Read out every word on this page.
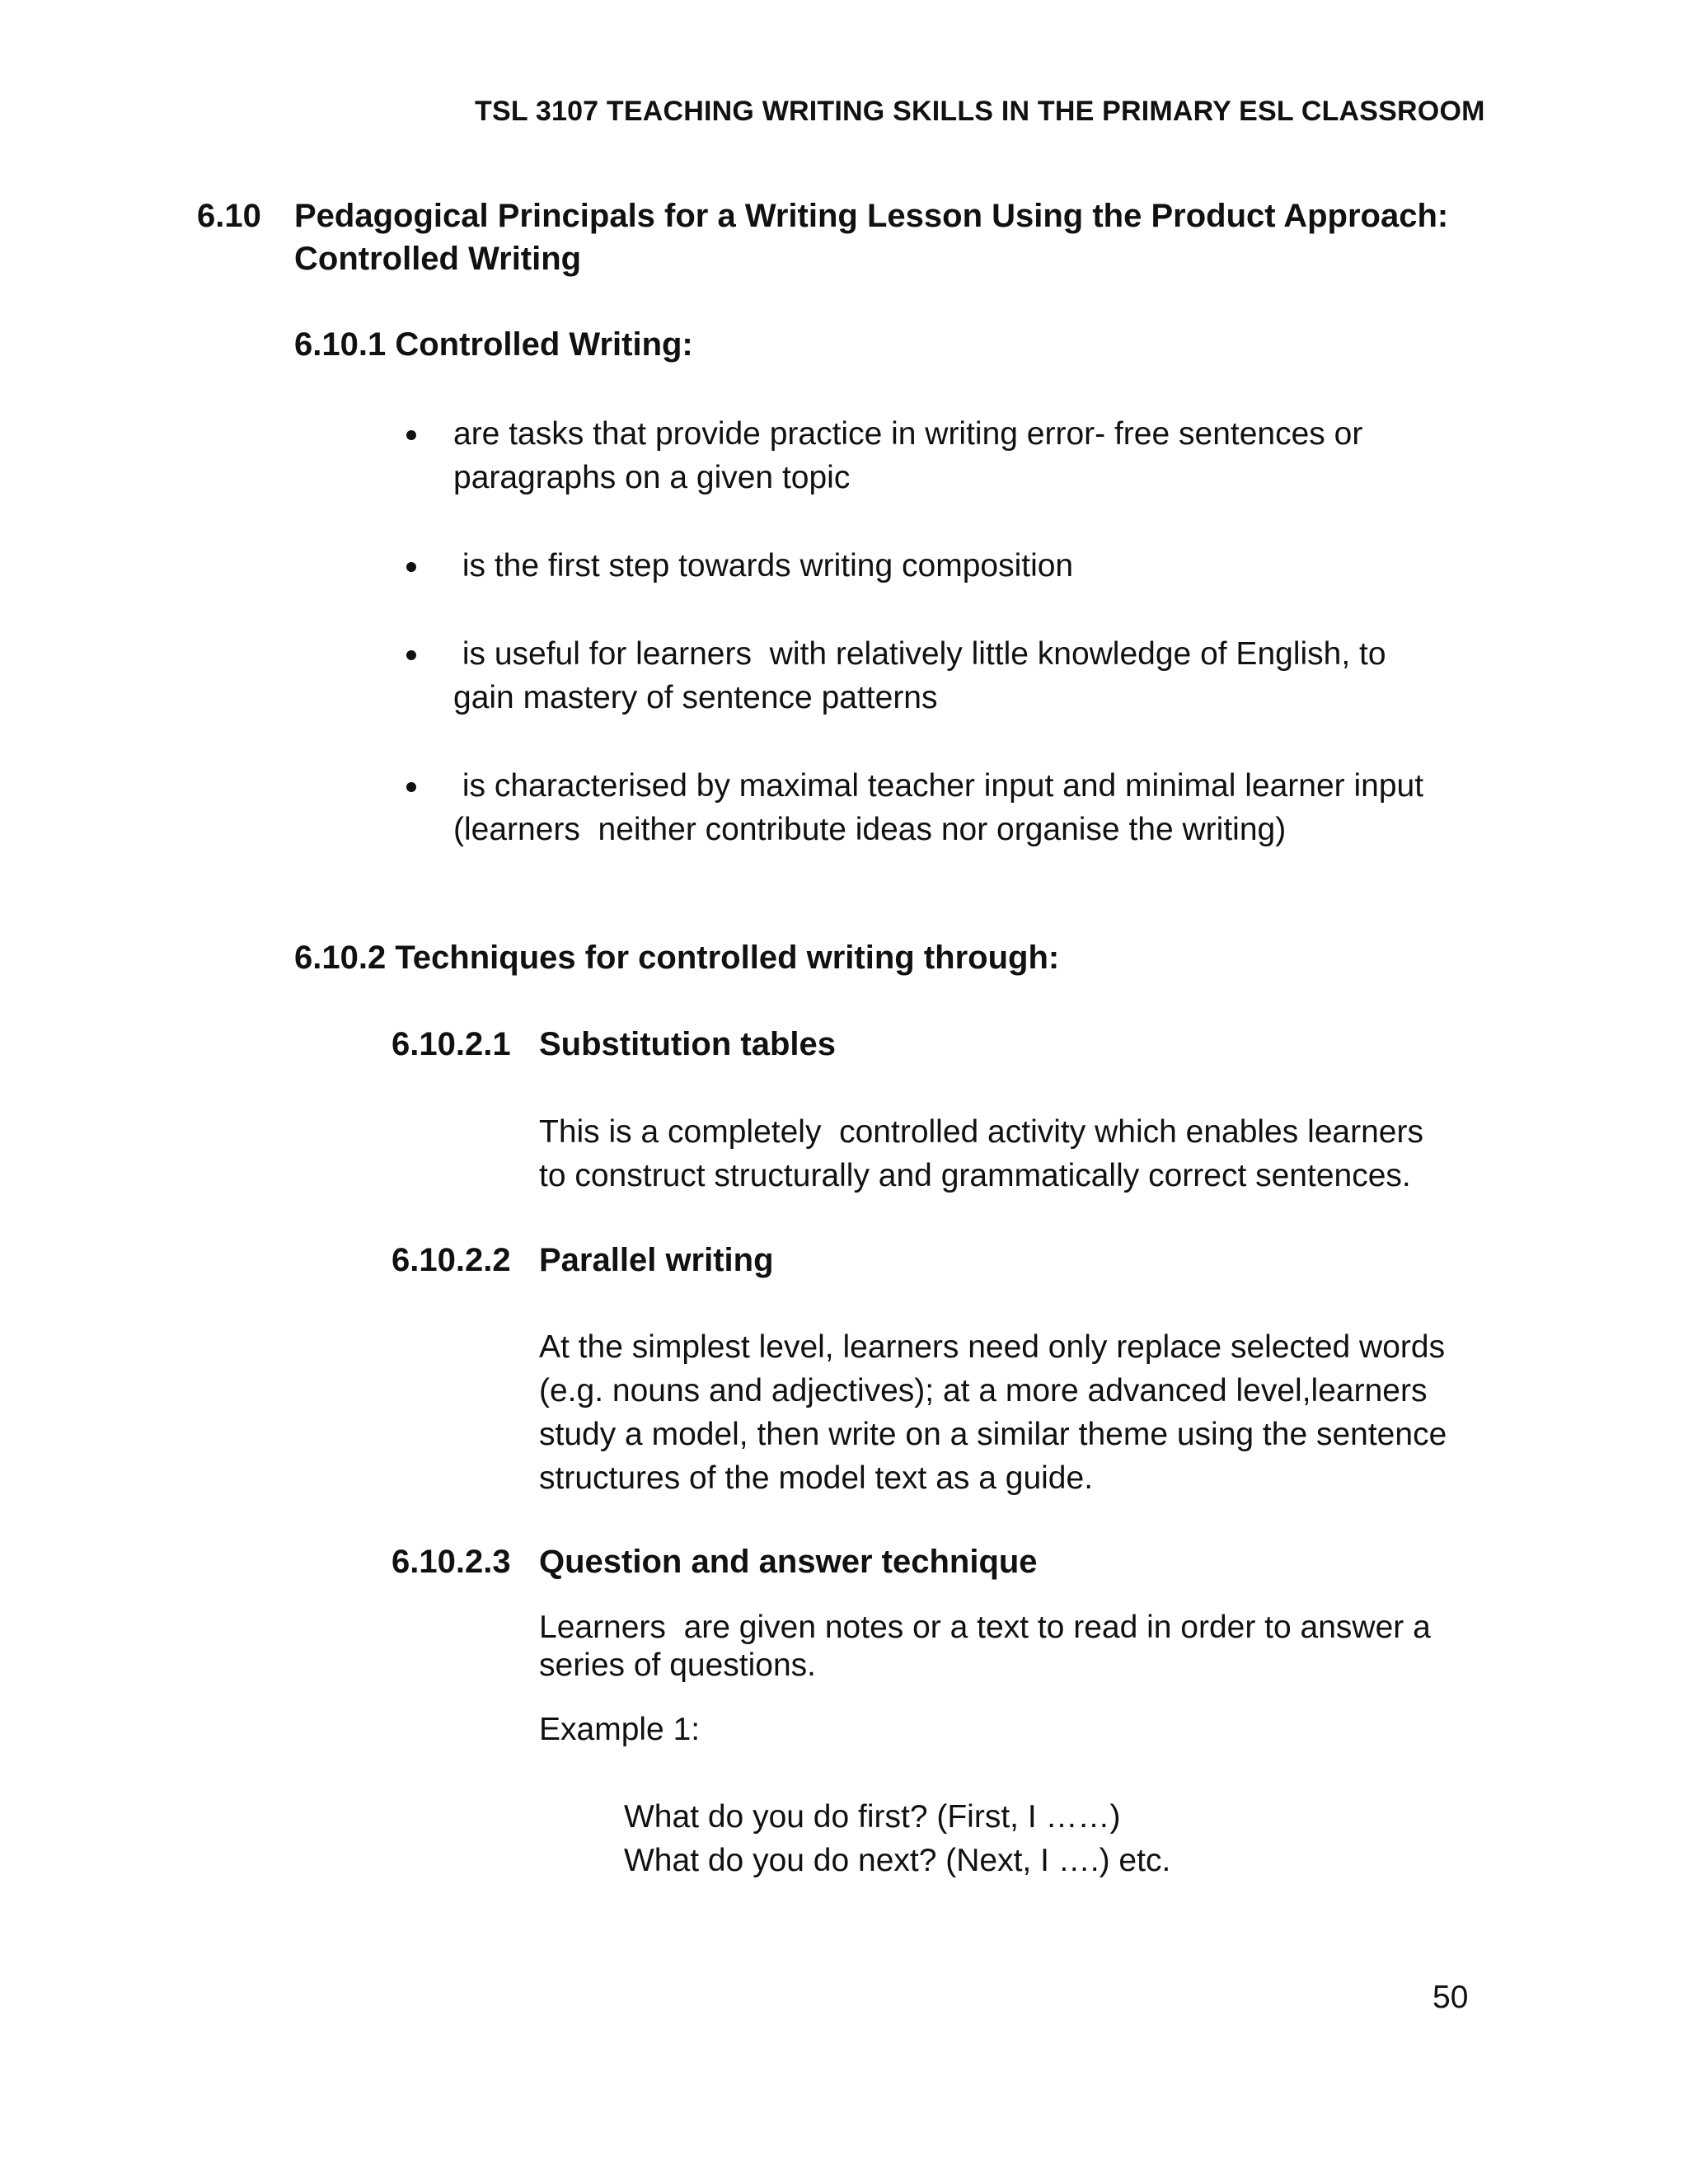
TSL 3107 TEACHING WRITING SKILLS IN THE PRIMARY ESL CLASSROOM
6.10 Pedagogical Principals for a Writing Lesson Using the Product Approach:
Controlled Writing
6.10.1 Controlled Writing:
are tasks that provide practice in writing error- free sentences or
paragraphs on a given topic
is the first step towards writing composition
is useful for learners  with relatively little knowledge of English, to
gain mastery of sentence patterns
is characterised by maximal teacher input and minimal learner input
(learners  neither contribute ideas nor organise the writing)
6.10.2 Techniques for controlled writing through:
6.10.2.1 Substitution tables
This is a completely  controlled activity which enables learners
to construct structurally and grammatically correct sentences.
6.10.2.2 Parallel writing
At the simplest level, learners need only replace selected words
(e.g. nouns and adjectives); at a more advanced level,learners
study a model, then write on a similar theme using the sentence
structures of the model text as a guide.
6.10.2.3 Question and answer technique
Learners  are given notes or a text to read in order to answer a
series of questions.
Example 1:
What do you do first? (First, I ……)
What do you do next? (Next, I ….) etc.
50
